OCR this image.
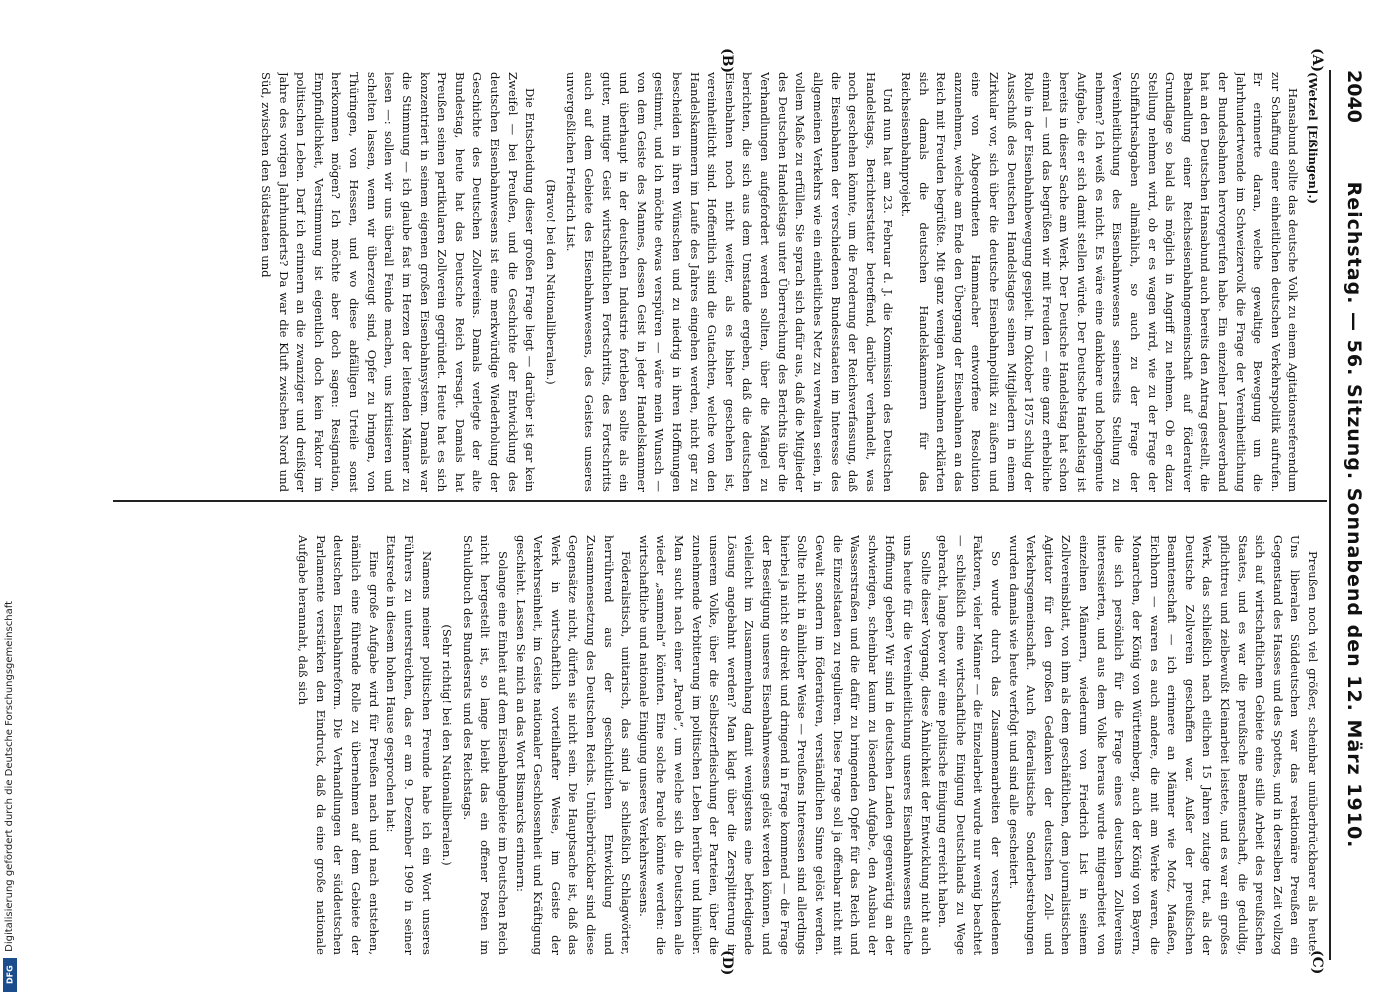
Digitalisierung gefördert durch die Deutsche Forschungsgemeinschaft
DFG
2040
Reichstag. — 56. Sitzung. Sonnabend den 12. März 1910.
(A)
(B)
(C)
(D)

(Wetzel [Eßlingen].)

Hansabund sollte das deutsche Volk zu einem Agitationsreferendum zur Schaffung einer einheitlichen deutschen Verkehrspolitik aufrufen. Er erinnerte daran, welche gewaltige Bewegung um die Jahrhundertwende im Schweizervolk die Frage der Vereinheitlichung der Bundesbahnen hervorgerufen habe. Ein einzelner Landesverband hat an den Deutschen Hansabund auch bereits den Antrag gestellt, die Behandlung einer Reichseisenbahngemeinschaft auf föderativer Grundlage so bald als möglich in Angriff zu nehmen. Ob er dazu Stellung nehmen wird, ob er es wagen wird, wie zu der Frage der Schiffahrtsabgaben allmählich, so auch zu der Frage der Vereinheitlichung des Eisenbahnwesens seinerseits Stellung zu nehmen? Ich weiß es nicht. Es wäre eine dankbare und hochgemute Aufgabe, die er sich damit stellen würde. Der Deutsche Handelstag ist bereits in dieser Sache am Werk. Der Deutsche Handelstag hat schon einmal — und das begrüßen wir mit Freuden — eine ganz erhebliche Rolle in der Eisenbahnbewegung gespielt. Im Oktober 1875 schlug der Ausschuß des Deutschen Handelstages seinen Mitgliedern in einem Zirkular vor, sich über die deutsche Eisenbahnpolitik zu äußern und eine von Abgeordneten Hammacher entworfene Resolution anzunehmen, welche am Ende den Übergang der Eisenbahnen an das Reich mit Freuden begrüßte. Mit ganz wenigen Ausnahmen erklärten sich damals die deutschen Handelskammern für das Reichseisenbahnprojekt.

Und nun hat am 23. Februar d. J. die Kommission des Deutschen Handelstags, Berichterstatter betreffend, darüber verhandelt, was noch geschehen könnte, um die Forderung der Reichsverfassung, daß die Eisenbahnen der verschiedenen Bundesstaaten im Interesse des allgemeinen Verkehrs wie ein einheitliches Netz zu verwalten seien, in vollem Maße zu erfüllen. Sie sprach sich dafür aus, daß die Mitglieder des Deutschen Handelstags unter Überreichung des Berichts über die Verhandlungen aufgefordert werden sollten, über die Mängel zu berichten, die sich aus dem Umstande ergeben, daß die deutschen Eisenbahnen noch nicht weiter, als es bisher geschehen ist, vereinheitlicht sind. Hoffentlich sind die Gutachten, welche von den Handelskammern im Laufe des Jahres eingehen werden, nicht gar zu bescheiden in ihren Wünschen und zu niedrig in ihren Hoffnungen gestimmt, und ich möchte etwas verspüren — wäre mein Wunsch — von dem Geiste des Mannes, dessen Geist in jeder Handelskammer und überhaupt in der deutschen Industrie fortleben sollte als ein guter, mutiger Geist wirtschaftlichen Fortschritts, des Fortschritts auch auf dem Gebiete des Eisenbahnwesens, des Geistes unseres unvergeßlichen Friedrich List.

(Bravo! bei den Nationalliberalen.)

Die Entscheidung dieser großen Frage liegt — darüber ist gar kein Zweifel — bei Preußen, und die Geschichte der Entwicklung des deutschen Eisenbahnwesens ist eine merkwürdige Wiederholung der Geschichte des Deutschen Zollvereins. Damals verlegte der alte Bundestag, heute hat das Deutsche Reich versagt. Damals hat Preußen seinen partikularen Zollverein gegründet. Heute hat es sich konzentriert in seinem eigenen großen Eisenbahnsystem. Damals war die Stimmung — ich glaube fast im Herzen der leitenden Männer zu lesen —: sollen wir uns überall Feinde machen, uns kritisieren und schelten lassen, wenn wir überzeugt sind, Opfer zu bringen, von Thüringen, von Hessen, und wo diese abfälligen Urteile sonst herkommen mögen? Ich möchte aber doch sagen: Resignation, Empfindlichkeit, Verstimmung ist eigentlich doch kein Faktor im politischen Leben. Darf ich erinnern an die zwanziger und dreißiger Jahre des vorigen Jahrhunderts? Da war die Kluft zwischen Nord und Süd, zwischen den Südstaaten und

Preußen noch viel größer, scheinbar unüberbrückbarer als heute. Uns liberalen Süddeutschen war das reaktionäre Preußen ein Gegenstand des Hasses und des Spottes, und in derselben Zeit vollzog sich auf wirtschaftlichem Gebiete eine stille Arbeit des preußischen Staates, und es war die preußische Beamtenschaft, die geduldig, pflichttreu und zielbewußt Kleinarbeit leistete, und es war ein großes Werk, das schließlich nach etlichen 15 Jahren zutage trat, als der Deutsche Zollverein geschaffen war. Außer der preußischen Beamtenschaft — ich erinnere an Männer wie Motz, Maaßen, Eichhorn — waren es auch andere, die mit am Werke waren, die Monarchen, der König von Württemberg, auch der König von Bayern, die sich persönlich für die Frage eines deutschen Zollvereins interessierten, und aus dem Volke heraus wurde mitgearbeitet von einzelnen Männern, wiederum von Friedrich List in seinem Zollvereinsblatt, von ihm als dem geschäftlichen, dem journalistischen Agitator für den großen Gedanken der deutschen Zoll- und Verkehrsgemeinschaft. Auch föderalistische Sonderbestrebungen wurden damals wie heute verfolgt und sind alle gescheitert.

So wurde durch das Zusammenarbeiten der verschiedenen Faktoren, vieler Männer — die Einzelarbeit wurde nur wenig beachtet — schließlich eine wirtschaftliche Einigung Deutschlands zu Wege gebracht, lange bevor wir eine politische Einigung erreicht haben.

Sollte dieser Vorgang, diese Ähnlichkeit der Entwicklung nicht auch uns heute für die Vereinheitlichung unseres Eisenbahnwesens etliche Hoffnung geben? Wir sind in deutschen Landen gegenwärtig an der schwierigen, scheinbar kaum zu lösenden Aufgabe, den Ausbau der Wasserstraßen und die dafür zu bringenden Opfer für das Reich und die Einzelstaaten zu regulieren. Diese Frage soll ja offenbar nicht mit Gewalt sondern im föderativen, verständlichen Sinne gelöst werden. Sollte nicht in ähnlicher Weise — Preußens Interessen sind allerdings hierbei ja nicht so direkt und dringend in Frage kommend — die Frage der Beseitigung unseres Eisenbahnwesens gelöst werden können, und vielleicht im Zusammenhang damit wenigstens eine befriedigende Lösung angebahnt werden? Man klagt über die Zersplitterung in unserem Volke, über die Selbstzerfleischung der Parteien, über die zunehmende Verbitterung im politischen Leben herüber und hinüber. Man sucht nach einer „Parole“, um welche sich die Deutschen alle wieder „sammeln“ könnten. Eine solche Parole könnte werden: die wirtschaftliche und nationale Einigung unseres Verkehrswesens.

Föderalistisch, unitarisch, das sind ja schließlich Schlagwörter, herrührend aus der geschichtlichen Entwicklung und Zusammensetzung des Deutschen Reichs. Unüberbrückbar sind diese Gegensätze nicht, dürfen sie nicht sein. Die Hauptsache ist, daß das Werk in wirtschaftlich vorteilhafter Weise, im Geiste der Verkehrseinheit, im Geiste nationaler Geschlossenheit und Kräftigung geschieht. Lassen Sie mich an das Wort Bismarcks erinnern:

Solange eine Einheit auf dem Eisenbahngebiete im Deutschen Reich nicht hergestellt ist, so lange bleibt das ein offener Posten im Schuldbuch des Bundesrats und des Reichstags.

(Sehr richtig! bei den Nationalliberalen.)

Namens meiner politischen Freunde habe ich ein Wort unseres Führers zu unterstreichen, das er am 9. Dezember 1909 in seiner Etatsrede in diesem hohen Hause gesprochen hat:

Eine große Aufgabe wird für Preußen nach und nach entstehen, nämlich eine führende Rolle zu übernehmen auf dem Gebiete der deutschen Eisenbahnreform. Die Verhandlungen der süddeutschen Parlamente verstärken den Eindruck, daß da eine große nationale Aufgabe herannaht, daß sich
